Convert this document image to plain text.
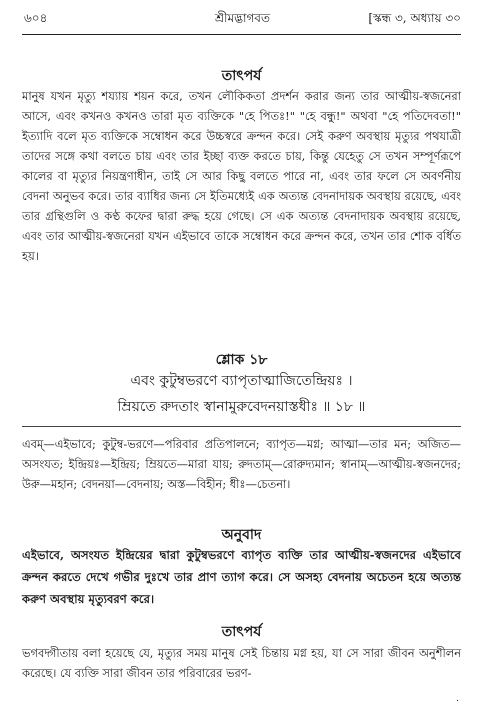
৬০৪	শ্রীমদ্ভাগবত	[স্কন্ধ ৩, অধ্যায় ৩০
তাৎপর্য

মানুষ যখন মৃত্যু শয্যায় শয়ন করে, তখন লৌকিকতা প্রদর্শন করার জন্য তার আত্মীয়-স্বজনেরা আসে, এবং কখনও কখনও তারা মৃত ব্যক্তিকে "হে পিতঃ!" "হে বন্ধু!" অথবা "হে পতিদেবতা!" ইত্যাদি বলে মৃত ব্যক্তিকে সম্বোধন করে উচ্চস্বরে ক্রন্দন করে। সেই করুণ অবস্থায় মৃত্যুর পথযাত্রী তাদের সঙ্গে কথা বলতে চায় এবং তার ইচ্ছা ব্যক্ত করতে চায়, কিন্তু যেহেতু সে তখন সম্পূর্ণরূপে কালের বা মৃত্যুর নিয়ন্ত্রণাধীন, তাই সে আর কিছু বলতে পারে না, এবং তার ফলে সে অবর্ণনীয় বেদনা অনুভব করে। তার ব্যাধির জন্য সে ইতিমধ্যেই এক অত্যন্ত বেদনাদায়ক অবস্থায় রয়েছে, এবং তার গ্রন্থিগুলি ও কণ্ঠ কফের দ্বারা রুদ্ধ হয়ে গেছে। সে এক অত্যন্ত বেদনাদায়ক অবস্থায় রয়েছে, এবং তার আত্মীয়-স্বজনেরা যখন এইভাবে তাকে সম্বোধন করে ক্রন্দন করে, তখন তার শোক বর্ধিত হয়।

শ্লোক ১৮
এবং কুটুম্বভরণে ব্যাপৃতাত্মাজিতেন্দ্রিয়ঃ ।
ম্রিয়তে রুদতাং স্বানামুরুবেদনয়াস্তধীঃ ॥ ১৮ ॥

এবম্—এইভাবে; কুটুম্ব-ভরণে—পরিবার প্রতিপালনে; ব্যাপৃত—মগ্ন; আত্মা—তার মন; অজিত—অসংযত; ইন্দ্রিয়ঃ—ইন্দ্রিয়; ম্রিয়তে—মারা যায়; রুদতাম্—রোরুদ্যমান; স্বানাম্—আত্মীয়-স্বজনদের; উরু—মহান; বেদনয়া—বেদনায়; অস্ত—বিহীন; ধীঃ—চেতনা।

অনুবাদ

এইভাবে, অসংযত ইন্দ্রিয়ের দ্বারা কুটুম্বভরণে ব্যাপৃত ব্যক্তি তার আত্মীয়-স্বজনদের এইভাবে ক্রন্দন করতে দেখে গভীর দুঃখে তার প্রাণ ত্যাগ করে। সে অসহ্য বেদনায় অচেতন হয়ে অত্যন্ত করুণ অবস্থায় মৃত্যুবরণ করে।

তাৎপর্য

ভগবদ্গীতায় বলা হয়েছে যে, মৃত্যুর সময় মানুষ সেই চিন্তায় মগ্ন হয়, যা সে সারা জীবন অনুশীলন করেছে। যে ব্যক্তি সারা জীবন তার পরিবারের ভরণ-

.
